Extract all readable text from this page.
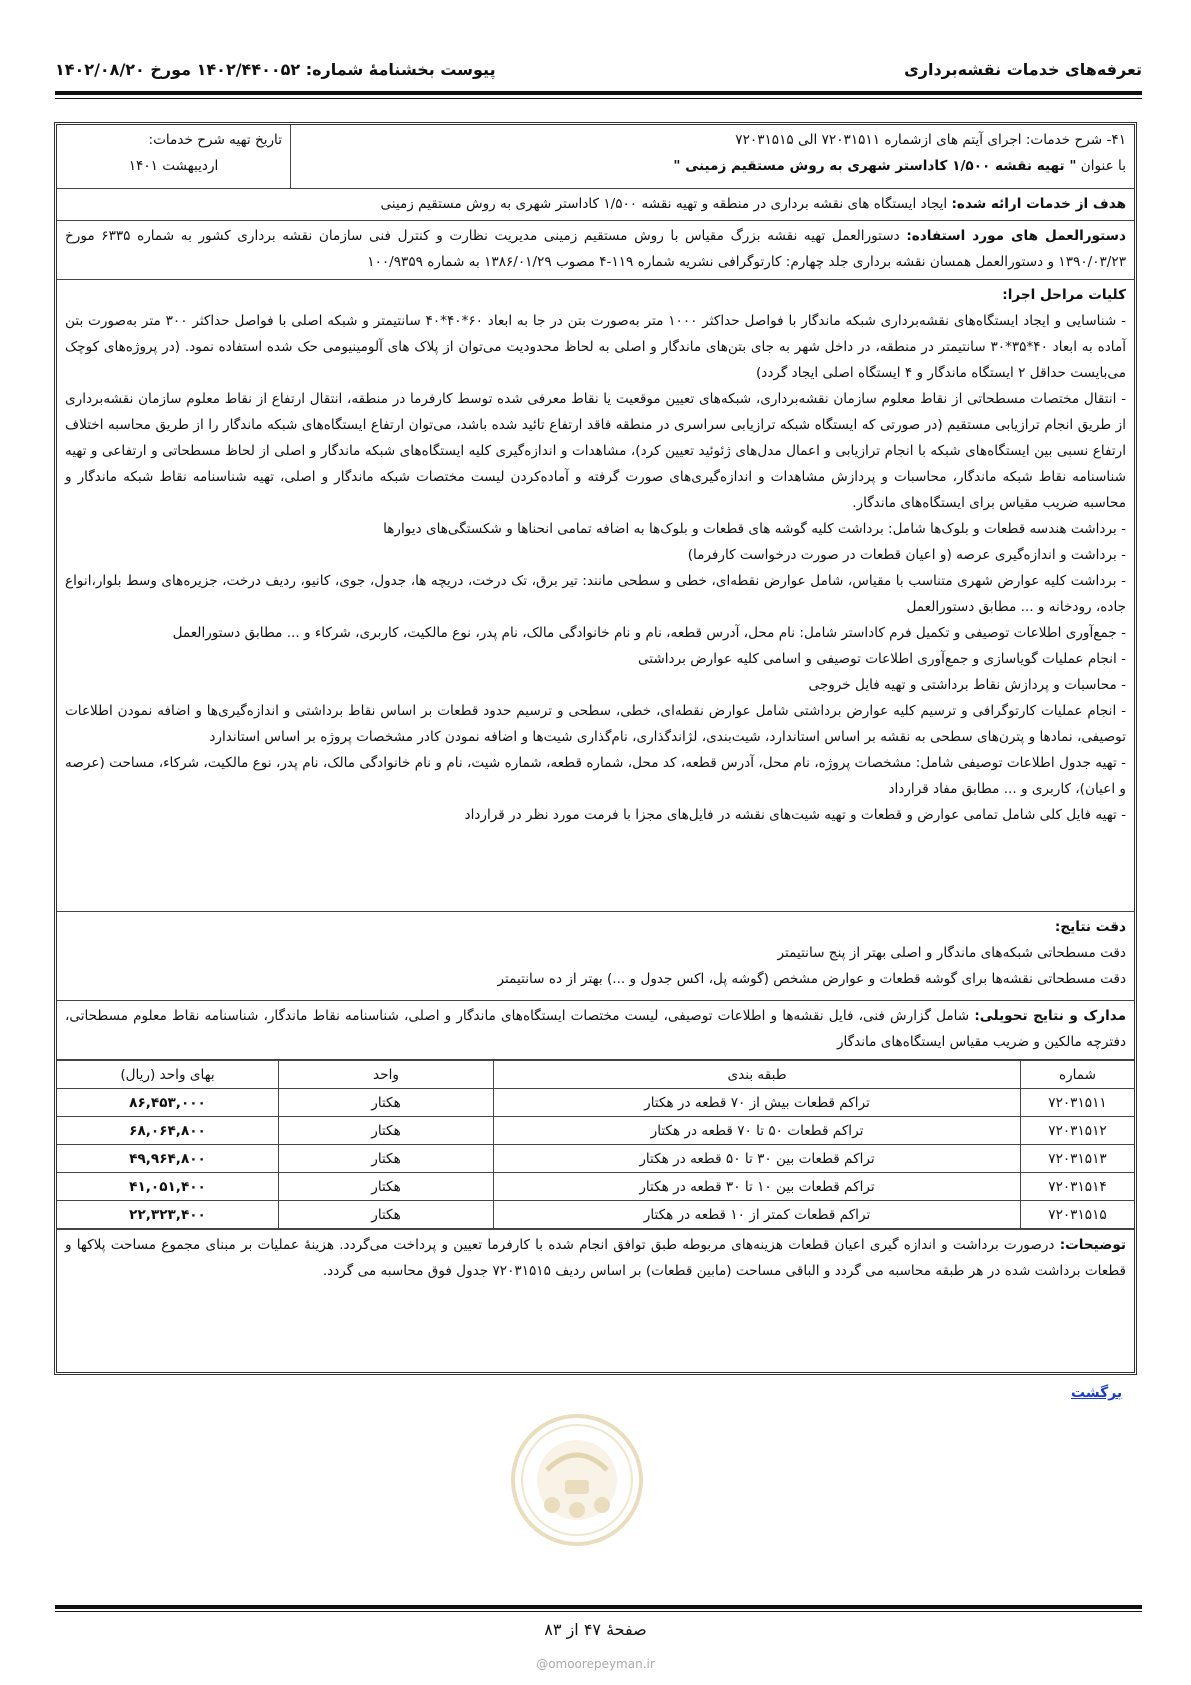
تعرفه‌های خدمات نقشه‌برداری
پیوست بخشنامهٔ شماره: ۱۴۰۲/۴۴۰۰۵۲ مورخ ۱۴۰۲/۰۸/۲۰
۴۱- شرح خدمات: اجرای آیتم های ازشماره ۷۲۰۳۱۵۱۱ الی ۷۲۰۳۱۵۱۵
با عنوان " تهیه نقشه ۱/۵۰۰ کاداستر شهری به روش مستقیم زمینی "
تاریخ تهیه شرح خدمات:
اردیبهشت ۱۴۰۱
هدف از خدمات ارائه شده: ایجاد ایستگاه های نقشه برداری در منطقه و تهیه نقشه ۱/۵۰۰ کاداستر شهری به روش مستقیم زمینی
دستورالعمل های مورد استفاده: دستورالعمل تهیه نقشه بزرگ مقیاس با روش مستقیم زمینی مدیریت نظارت و کنترل فنی سازمان نقشه برداری کشور به شماره ۶۳۳۵ مورخ ۱۳۹۰/۰۳/۲۳ و دستورالعمل همسان نقشه برداری جلد چهارم: کارتوگرافی نشریه شماره ۱۱۹-۴ مصوب ۱۳۸۶/۰۱/۲۹ به شماره ۱۰۰/۹۳۵۹
کلیات مراحل اجرا:

- شناسایی و ایجاد ایستگاه‌های نقشه‌برداری شبکه ماندگار با فواصل حداکثر ۱۰۰۰ متر به‌صورت بتن در جا به ابعاد ۶۰*۴۰*۴۰ سانتیمتر و شبکه اصلی با فواصل حداکثر ۳۰۰ متر به‌صورت بتن آماده به ابعاد ۴۰*۳۵*۳۰ سانتیمتر در منطقه، در داخل شهر به جای بتن‌های ماندگار و اصلی به لحاظ محدودیت می‌توان از پلاک های آلومینیومی حک شده استفاده نمود. (در پروژه‌های کوچک می‌بایست حداقل ۲ ایستگاه ماندگار و ۴ ایستگاه اصلی ایجاد گردد)

- انتقال مختصات مسطحاتی از نقاط معلوم سازمان نقشه‌برداری، شبکه‌های تعیین موقعیت یا نقاط معرفی شده توسط کارفرما در منطقه، انتقال ارتفاع از نقاط معلوم سازمان نقشه‌برداری از طریق انجام ترازیابی مستقیم (در صورتی که ایستگاه شبکه ترازیابی سراسری در منطقه فاقد ارتفاع تائید شده باشد، می‌توان ارتفاع ایستگاه‌های شبکه ماندگار را از طریق محاسبه اختلاف ارتفاع نسبی بین ایستگاه‌های شبکه با انجام ترازیابی و اعمال مدل‌های ژئوئید تعیین کرد)، مشاهدات و اندازه‌گیری کلیه ایستگاه‌های شبکه ماندگار و اصلی از لحاظ مسطحاتی و ارتفاعی و تهیه شناسنامه نقاط شبکه ماندگار، محاسبات و پردازش مشاهدات و اندازه‌گیری‌های صورت گرفته و آماده‌کردن لیست مختصات شبکه ماندگار و اصلی، تهیه شناسنامه نقاط شبکه ماندگار و محاسبه ضریب مقیاس برای ایستگاه‌های ماندگار.

- برداشت هندسه قطعات و بلوک‌ها شامل: برداشت کلیه گوشه های قطعات و بلوک‌ها به اضافه تمامی انحناها و شکستگی‌های دیوارها

- برداشت و اندازه‌گیری عرصه (و اعیان قطعات در صورت درخواست کارفرما)

- برداشت کلیه عوارض شهری متناسب با مقیاس، شامل عوارض نقطه‌ای، خطی و سطحی مانند: تیر برق، تک درخت، دریچه ها، جدول، جوی، کانیو، ردیف درخت، جزیره‌های وسط بلوار،انواع جاده، رودخانه و ... مطابق دستورالعمل

- جمع‌آوری اطلاعات توصیفی و تکمیل فرم کاداستر شامل: نام محل، آدرس قطعه، نام و نام خانوادگی مالک، نام پدر، نوع مالکیت، کاربری، شرکاء و ... مطابق دستورالعمل

- انجام عملیات گویاسازی و جمع‌آوری اطلاعات توصیفی و اسامی کلیه عوارض برداشتی

- محاسبات و پردازش نقاط برداشتی و تهیه فایل خروجی

- انجام عملیات کارتوگرافی و ترسیم کلیه عوارض برداشتی شامل عوارض نقطه‌ای، خطی، سطحی و ترسیم حدود قطعات بر اساس نقاط برداشتی و اندازه‌گیری‌ها و اضافه نمودن اطلاعات توصیفی، نمادها و پترن‌های سطحی به نقشه بر اساس استاندارد، شیت‌بندی، لژاندگذاری، نام‌گذاری شیت‌ها و اضافه نمودن کادر مشخصات پروژه بر اساس استاندارد

- تهیه جدول اطلاعات توصیفی شامل: مشخصات پروژه، نام محل، آدرس قطعه، کد محل، شماره قطعه، شماره شیت، نام و نام خانوادگی مالک، نام پدر، نوع مالکیت، شرکاء، مساحت (عرصه و اعیان)، کاربری و ... مطابق مفاد قرارداد

- تهیه فایل کلی شامل تمامی عوارض و قطعات و تهیه شیت‌های نقشه در فایل‌های مجزا با فرمت مورد نظر در قرارداد

دقت نتایج:
دقت مسطحاتی شبکه‌های ماندگار و اصلی بهتر از پنج سانتیمتر
دقت مسطحاتی نقشه‌ها برای گوشه قطعات و عوارض مشخص (گوشه پل، اکس جدول و ...) بهتر از ده سانتیمتر
مدارک و نتایج تحویلی: شامل گزارش فنی، فایل نقشه‌ها و اطلاعات توصیفی، لیست مختصات ایستگاه‌های ماندگار و اصلی، شناسنامه نقاط ماندگار، شناسنامه نقاط معلوم مسطحاتی، دفترچه مالکین و ضریب مقیاس ایستگاه‌های ماندگار
شماره	طبقه بندی	واحد	بهای واحد (ریال)
۷۲۰۳۱۵۱۱	تراکم قطعات بیش از ۷۰ قطعه در هکتار	هکتار	۸۶,۴۵۳,۰۰۰
۷۲۰۳۱۵۱۲	تراکم قطعات ۵۰ تا ۷۰ قطعه در هکتار	هکتار	۶۸,۰۶۴,۸۰۰
۷۲۰۳۱۵۱۳	تراکم قطعات بین ۳۰ تا ۵۰ قطعه در هکتار	هکتار	۴۹,۹۶۴,۸۰۰
۷۲۰۳۱۵۱۴	تراکم قطعات بین ۱۰ تا ۳۰ قطعه در هکتار	هکتار	۴۱,۰۵۱,۴۰۰
۷۲۰۳۱۵۱۵	تراکم قطعات کمتر از ۱۰ قطعه در هکتار	هکتار	۲۲,۳۲۳,۴۰۰
توضیحات: درصورت برداشت و اندازه گیری اعیان قطعات هزینه‌های مربوطه طبق توافق انجام شده با کارفرما تعیین و پرداخت می‌گردد. هزینهٔ عملیات بر مبنای مجموع مساحت پلاکها و قطعات برداشت شده در هر طبقه محاسبه می گردد و الباقی مساحت (مابین قطعات) بر اساس ردیف ۷۲۰۳۱۵۱۵ جدول فوق محاسبه می گردد.
برگشت
صفحهٔ ۴۷ از ۸۳
@omoorepeyman.ir
